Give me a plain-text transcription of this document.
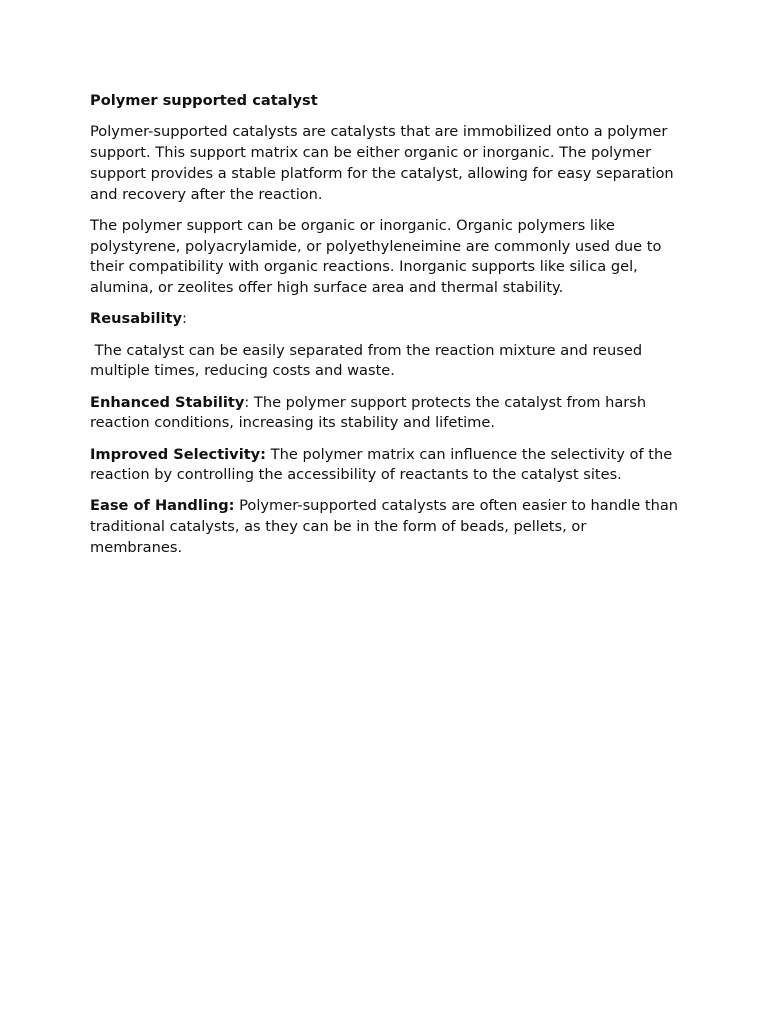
Polymer supported catalyst

Polymer-supported catalysts are catalysts that are immobilized onto a polymer support. This support matrix can be either organic or inorganic. The polymer support provides a stable platform for the catalyst, allowing for easy separation and recovery after the reaction.

The polymer support can be organic or inorganic. Organic polymers like polystyrene, polyacrylamide, or polyethyleneimine are commonly used due to their compatibility with organic reactions. Inorganic supports like silica gel, alumina, or zeolites offer high surface area and thermal stability.

Reusability:

The catalyst can be easily separated from the reaction mixture and reused multiple times, reducing costs and waste.

Enhanced Stability: The polymer support protects the catalyst from harsh reaction conditions, increasing its stability and lifetime.

Improved Selectivity: The polymer matrix can influence the selectivity of the reaction by controlling the accessibility of reactants to the catalyst sites.

Ease of Handling: Polymer-supported catalysts are often easier to handle than traditional catalysts, as they can be in the form of beads, pellets, or membranes.
